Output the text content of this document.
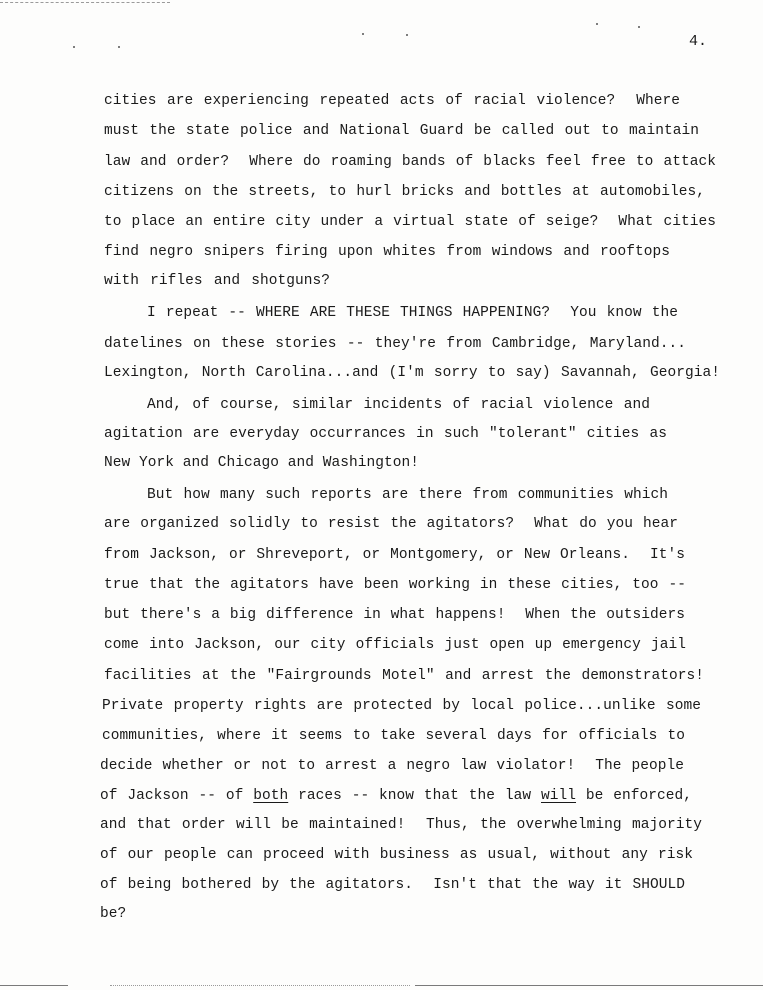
4.
cities are experiencing repeated acts of racial violence?  Where
must the state police and National Guard be called out to maintain
law and order?  Where do roaming bands of blacks feel free to attack
citizens on the streets, to hurl bricks and bottles at automobiles,
to place an entire city under a virtual state of seige?  What cities
find negro snipers firing upon whites from windows and rooftops
with rifles and shotguns?
I repeat -- WHERE ARE THESE THINGS HAPPENING?  You know the
datelines on these stories -- they're from Cambridge, Maryland...
Lexington, North Carolina...and (I'm sorry to say) Savannah, Georgia!
And, of course, similar incidents of racial violence and
agitation are everyday occurrances in such "tolerant" cities as
New York and Chicago and Washington!
But how many such reports are there from communities which
are organized solidly to resist the agitators?  What do you hear
from Jackson, or Shreveport, or Montgomery, or New Orleans.  It's
true that the agitators have been working in these cities, too --
but there's a big difference in what happens!  When the outsiders
come into Jackson, our city officials just open up emergency jail
facilities at the "Fairgrounds Motel" and arrest the demonstrators!
Private property rights are protected by local police...unlike some
communities, where it seems to take several days for officials to
decide whether or not to arrest a negro law violator!  The people
of Jackson -- of both races -- know that the law will be enforced,
and that order will be maintained!  Thus, the overwhelming majority
of our people can proceed with business as usual, without any risk
of being bothered by the agitators.  Isn't that the way it SHOULD
be?
